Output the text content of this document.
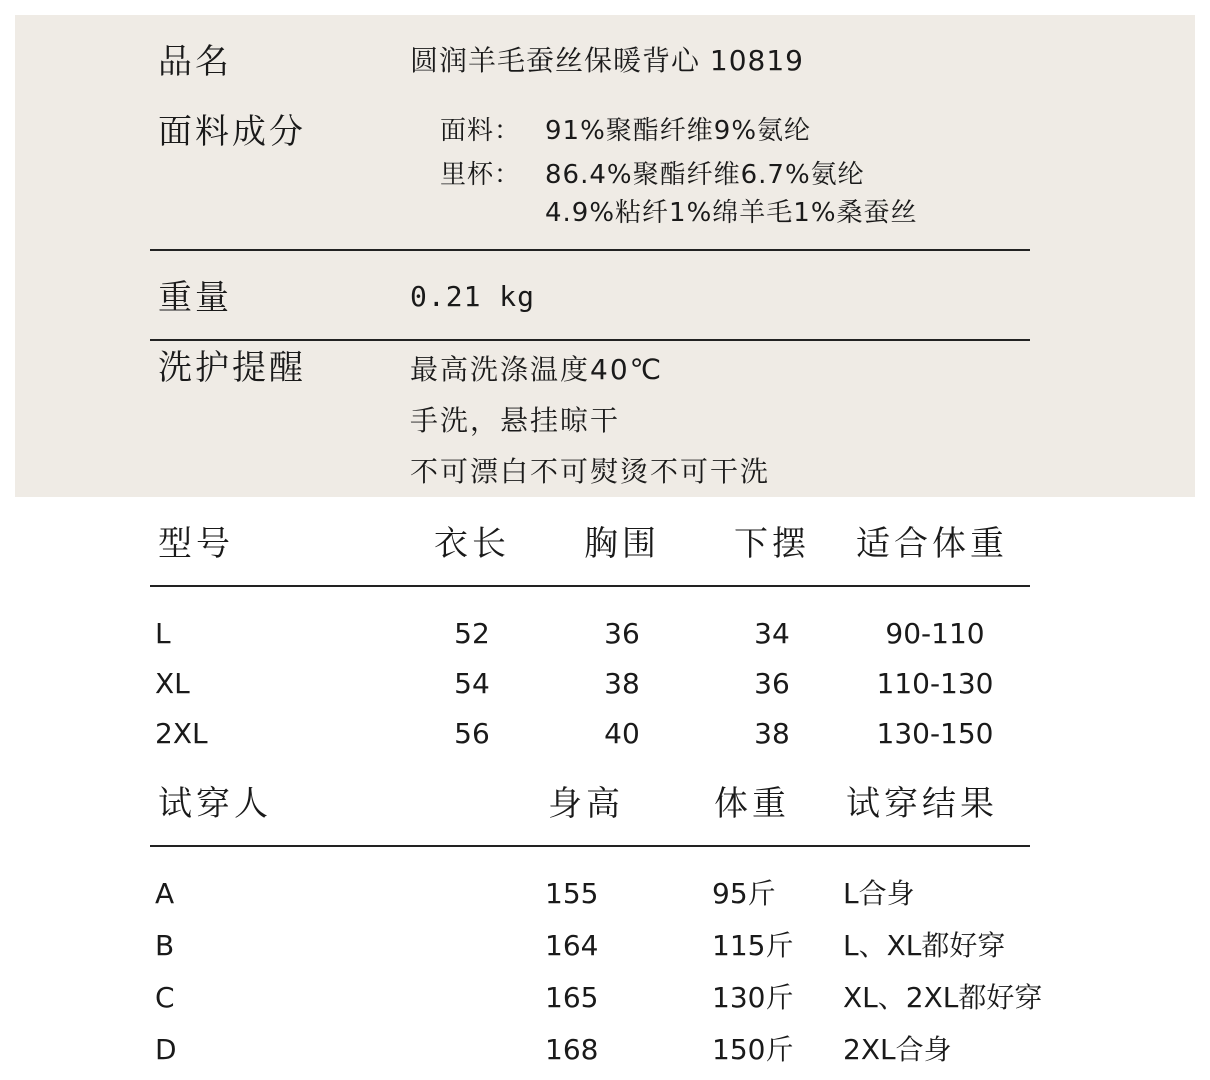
品名	圆润羊毛蚕丝保暖背心 10819
面料成分	面料： 91%聚酯纤维9%氨纶
里杯： 86.4%聚酯纤维6.7%氨纶
4.9%粘纤1%绵羊毛1%桑蚕丝
重量	0.21 kg
洗护提醒	最高洗涤温度40℃
手洗，悬挂晾干
不可漂白不可熨烫不可干洗
型号	衣长 胸围 下摆 适合体重
L	52	36	34	90-110
XL	54	38	36	110-130
2XL	56	40	38	130-150
试穿人	身高	体重 试穿结果
A	155	95斤 L合身
B	164	115斤 L、XL都好穿
C	165	130斤 XL、2XL都好穿
D	168	150斤 2XL合身
